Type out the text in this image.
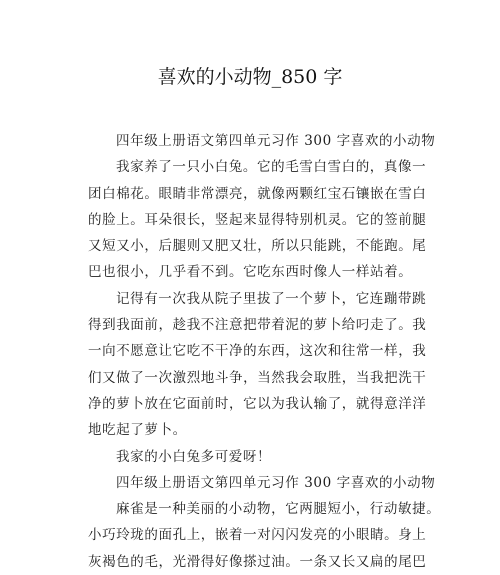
喜欢的小动物_850 字
四年级上册语文第四单元习作 300 字喜欢的小动物
我家养了一只小白兔。它的毛雪白雪白的，真像一
团白棉花。眼睛非常漂亮，就像两颗红宝石镶嵌在雪白
的脸上。耳朵很长，竖起来显得特别机灵。它的签前腿
又短又小，后腿则又肥又壮，所以只能跳，不能跑。尾
巴也很小，几乎看不到。它吃东西时像人一样站着。
记得有一次我从院子里拔了一个萝卜，它连蹦带跳
得到我面前，趁我不注意把带着泥的萝卜给叼走了。我
一向不愿意让它吃不干净的东西，这次和往常一样，我
们又做了一次激烈地斗争，当然我会取胜，当我把洗干
净的萝卜放在它面前时，它以为我认输了，就得意洋洋
地吃起了萝卜。
我家的小白兔多可爱呀！
四年级上册语文第四单元习作 300 字喜欢的小动物
麻雀是一种美丽的小动物，它两腿短小，行动敏捷。
小巧玲珑的面孔上，嵌着一对闪闪发亮的小眼睛。身上
灰褐色的毛，光滑得好像搽过油。一条又长又扁的尾巴
